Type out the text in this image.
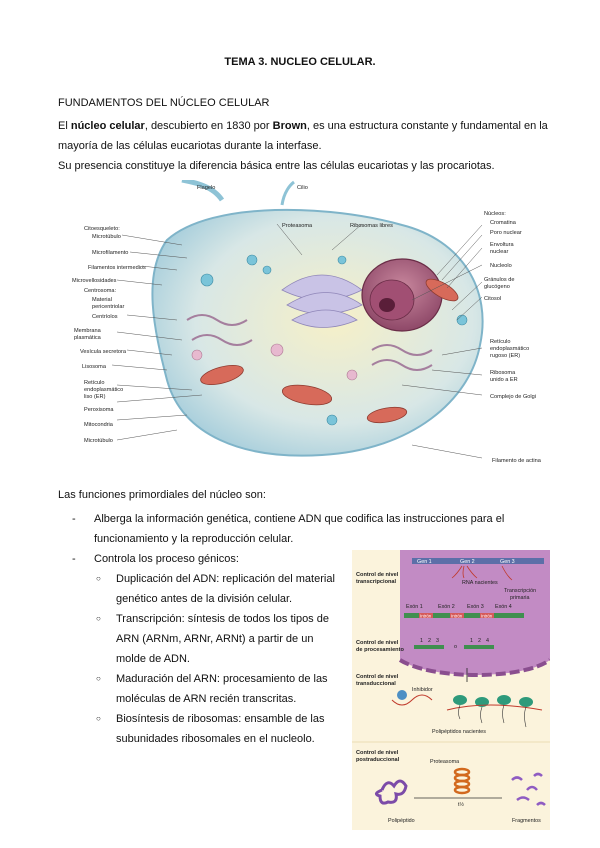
TEMA 3. NUCLEO CELULAR.
FUNDAMENTOS DEL NÚCLEO CELULAR

El núcleo celular, descubierto en 1830 por Brown, es una estructura constante y fundamental en la mayoría de las células eucariotas durante la interfase.

Su presencia constituye la diferencia básica entre las células eucariotas y las procariotas.

Flagelo	Cilio
Proteasoma	Ribosomas libres
Citoesqueleto:
Microtúbulo
Microfilamento
Filamentos intermedios
Microvellosidades
Centrosoma:
Material
pericentriolar
Centríolos
Membrana
plasmática
Vesícula secretora
Lisosoma
Retículo
endoplasmático
liso (ER)
Peroxisoma
Mitocondria
Microtúbulo
Núcleos:
Cromatina
Poro nuclear
Envoltura
nuclear
Nucleolo
Gránulos de
glucógeno
Citosol
Retículo
endoplasmático
rugoso (ER)
Ribosoma
unido a ER
Complejo de Golgi
Filamento de actina
Las funciones primordiales del núcleo son:
- Alberga la información genética, contiene ADN que codifica las instrucciones para el funcionamiento y la reproducción celular.
- Controla los proceso génicos:
○ Duplicación del ADN: replicación del material genético antes de la división celular.
○ Transcripción: síntesis de todos los tipos de ARN (ARNm, ARNr, ARNt) a partir de un molde de ADN.
○ Maduración del ARN: procesamiento de las moléculas de ARN recién transcritas.
○ Biosíntesis de ribosomas: ensamble de las subunidades ribosomales en el nucleolo.
Gen 1	Gen 2	Gen 3
RNA nacientes
Transcripción
primaria
Control de nivel
transcripcional
Exón 1	Exón 2 Exón 3 Exón 4
Intrón	Intrón	Intrón
Control de nivel
de procesamiento
1 2 3
o
1 2 4
Control de nivel
transduccional
Inhibidor
Polipéptidos nacientes
Control de nivel
postraduccional	Proteasoma
t½
Polipéptido	Fragmentos
